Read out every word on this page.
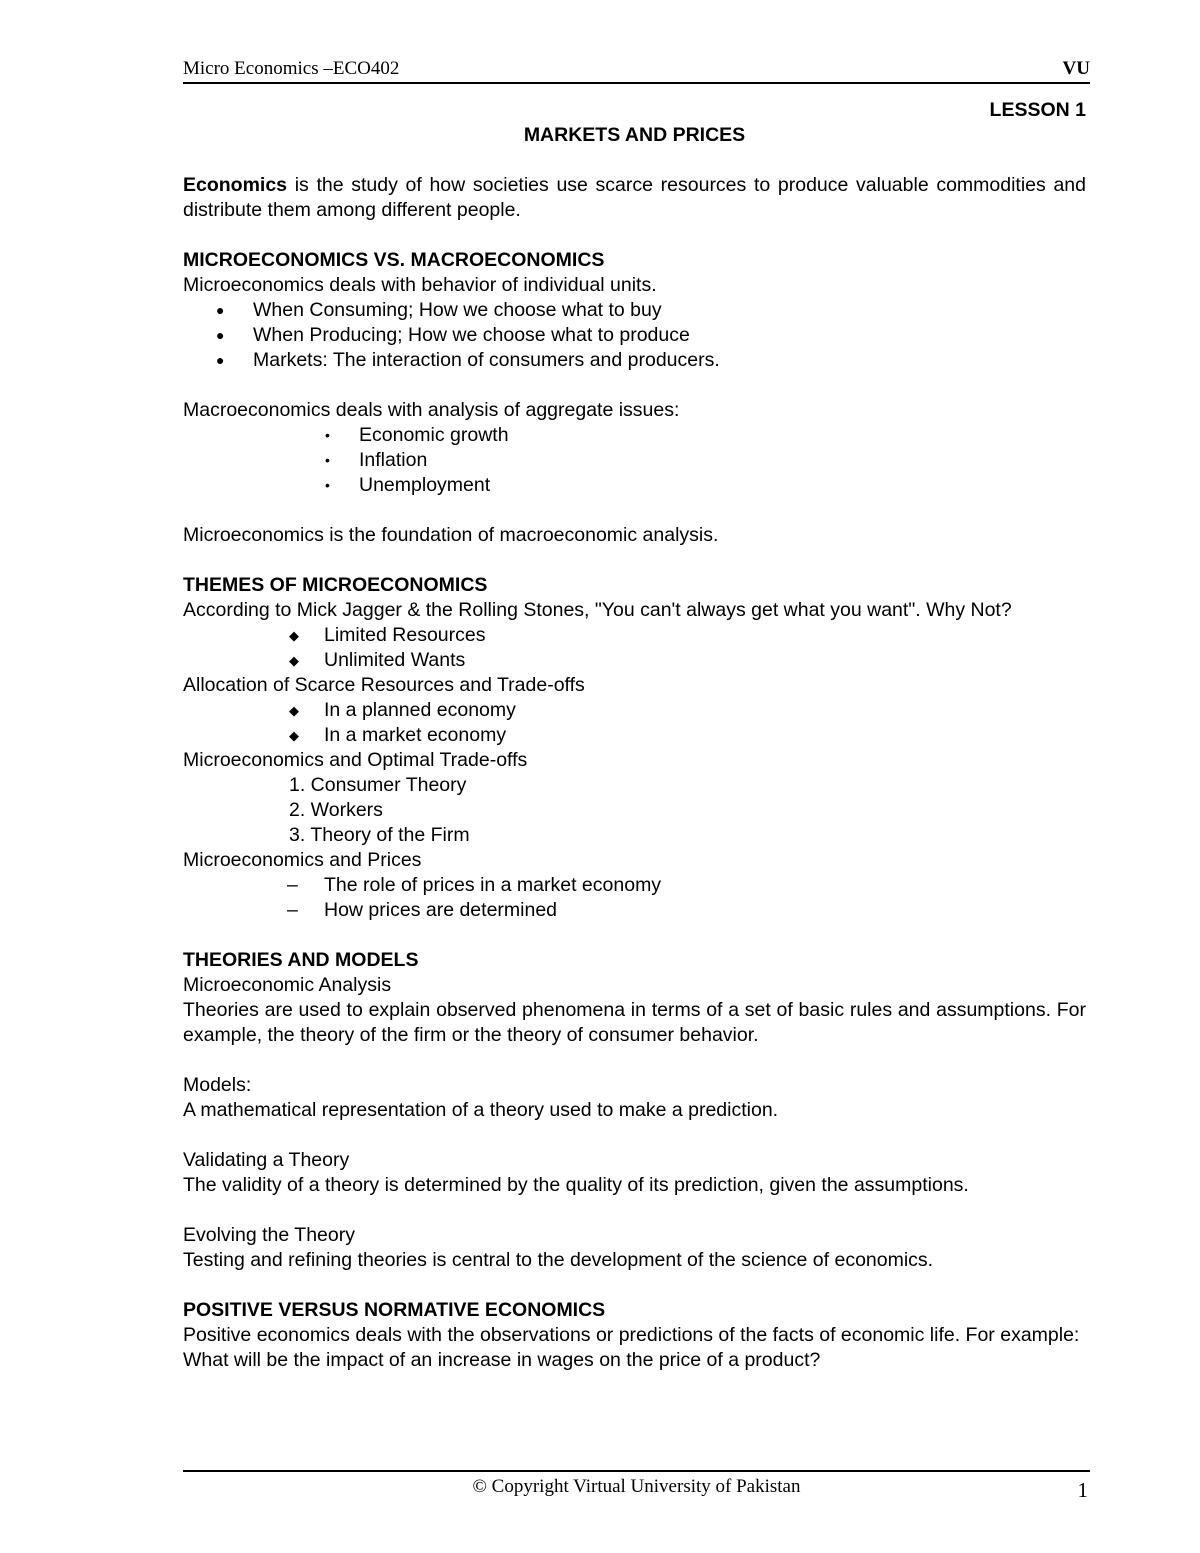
Micro Economics –ECO402	VU

LESSON 1

MARKETS AND PRICES

Economics is the study of how societies use scarce resources to produce valuable commodities and distribute them among different people.

MICROECONOMICS VS. MACROECONOMICS

Microeconomics deals with behavior of individual units.

● When Consuming; How we choose what to buy
● When Producing; How we choose what to produce
● Markets: The interaction of consumers and producers.

Macroeconomics deals with analysis of aggregate issues:

• Economic growth
• Inflation
• Unemployment

Microeconomics is the foundation of macroeconomic analysis.

THEMES OF MICROECONOMICS

According to Mick Jagger & the Rolling Stones, "You can't always get what you want". Why Not?

◆ Limited Resources
◆ Unlimited Wants

Allocation of Scarce Resources and Trade-offs

◆ In a planned economy
◆ In a market economy

Microeconomics and Optimal Trade-offs

1. Consumer Theory
2. Workers
3. Theory of the Firm

Microeconomics and Prices

– The role of prices in a market economy
– How prices are determined

THEORIES AND MODELS

Microeconomic Analysis

Theories are used to explain observed phenomena in terms of a set of basic rules and assumptions. For example, the theory of the firm or the theory of consumer behavior.

Models:

A mathematical representation of a theory used to make a prediction.

Validating a Theory

The validity of a theory is determined by the quality of its prediction, given the assumptions.

Evolving the Theory

Testing and refining theories is central to the development of the science of economics.

POSITIVE VERSUS NORMATIVE ECONOMICS

Positive economics deals with the observations or predictions of the facts of economic life. For example:

What will be the impact of an increase in wages on the price of a product?

© Copyright Virtual University of Pakistan	1
